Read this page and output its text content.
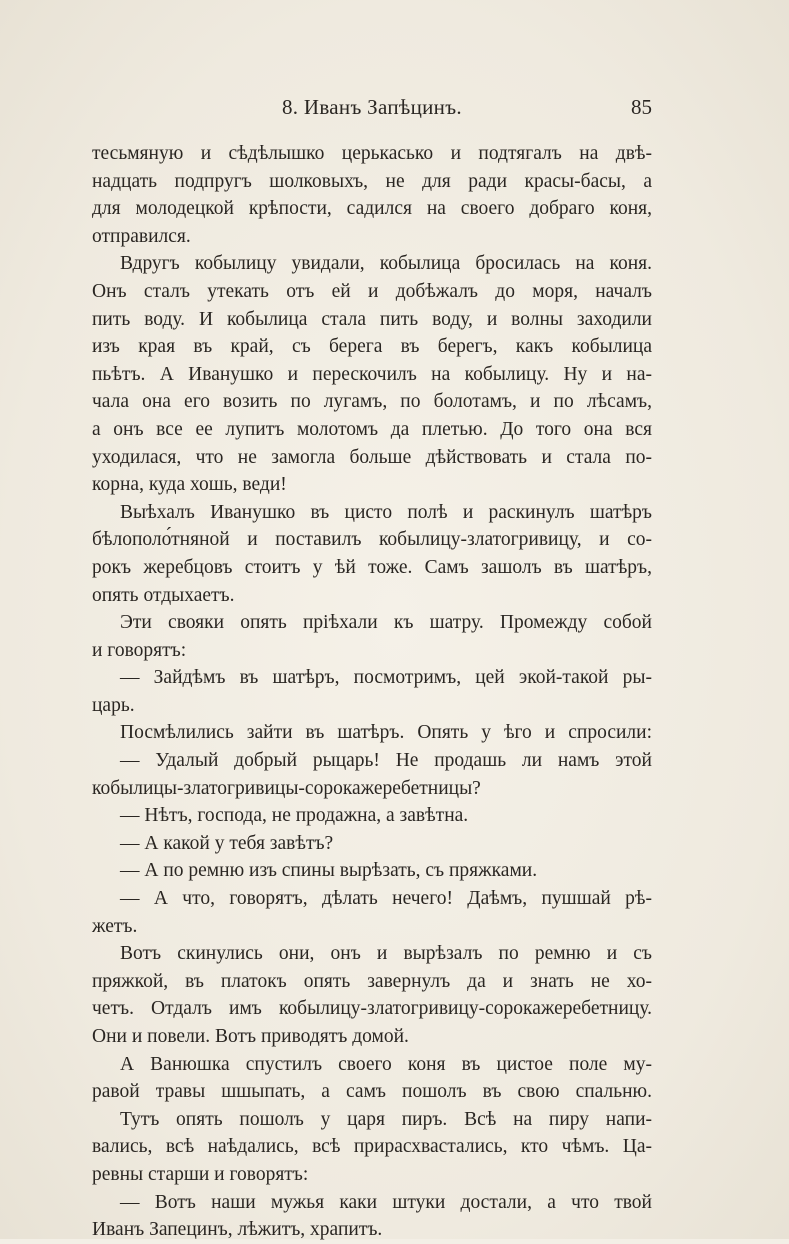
8. Иванъ Запѣцинъ.	85
тесьмяную и сѣдѣлышко церькасько и подтягалъ на двѣ-
надцать подпругъ шолковыхъ, не для ради красы-басы, а
для молодецкой крѣпости, садился на своего добраго коня,
отправился.
Вдругъ кобылицу увидали, кобылица бросилась на коня.
Онъ сталъ утекать отъ ей и добѣжалъ до моря, началъ
пить воду. И кобылица стала пить воду, и волны заходили
изъ края въ край, съ берега въ берегъ, какъ кобылица
пьѣтъ. А Иванушко и перескочилъ на кобылицу. Ну и на-
чала она его возить по лугамъ, по болотамъ, и по лѣсамъ,
а онъ все ее лупитъ молотомъ да плетью. До того она вся
уходилася, что не замогла больше дѣйствовать и стала по-
корна, куда хошь, веди!
Выѣхалъ Иванушко въ цисто полѣ и раскинулъ шатѣръ
бѣлополо́тняной и поставилъ кобылицу-златогривицу, и со-
рокъ жеребцовъ стоитъ у ѣй тоже. Самъ зашолъ въ шатѣръ,
опять отдыхаетъ.
Эти свояки опять пріѣхали къ шатру. Промежду собой
и говорятъ:
— Зайдѣмъ въ шатѣръ, посмотримъ, цей экой-такой ры-
царь.
Посмѣлились зайти въ шатѣръ. Опять у ѣго и спросили:
— Удалый добрый рыцарь! Не продашь ли намъ этой
кобылицы-златогривицы-сорокажеребетницы?
— Нѣтъ, господа, не продажна, а завѣтна.
— А какой у тебя завѣтъ?
— А по ремню изъ спины вырѣзать, съ пряжками.
— А что, говорятъ, дѣлать нечего! Даѣмъ, пушшай рѣ-
жетъ.
Вотъ скинулись они, онъ и вырѣзалъ по ремню и съ
пряжкой, въ платокъ опять завернулъ да и знать не хо-
четъ. Отдалъ имъ кобылицу-златогривицу-сорокажеребетницу.
Они и повели. Вотъ приводятъ домой.
А Ванюшка спустилъ своего коня въ цистое поле му-
равой травы шшыпать, а самъ пошолъ въ свою спальню.
Тутъ опять пошолъ у царя пиръ. Всѣ на пиру напи-
вались, всѣ наѣдались, всѣ прирасхвастались, кто чѣмъ. Ца-
ревны старши и говорятъ:
— Вотъ наши мужья каки штуки достали, а что твой
Иванъ Запецинъ, лѣжитъ, храпитъ.
